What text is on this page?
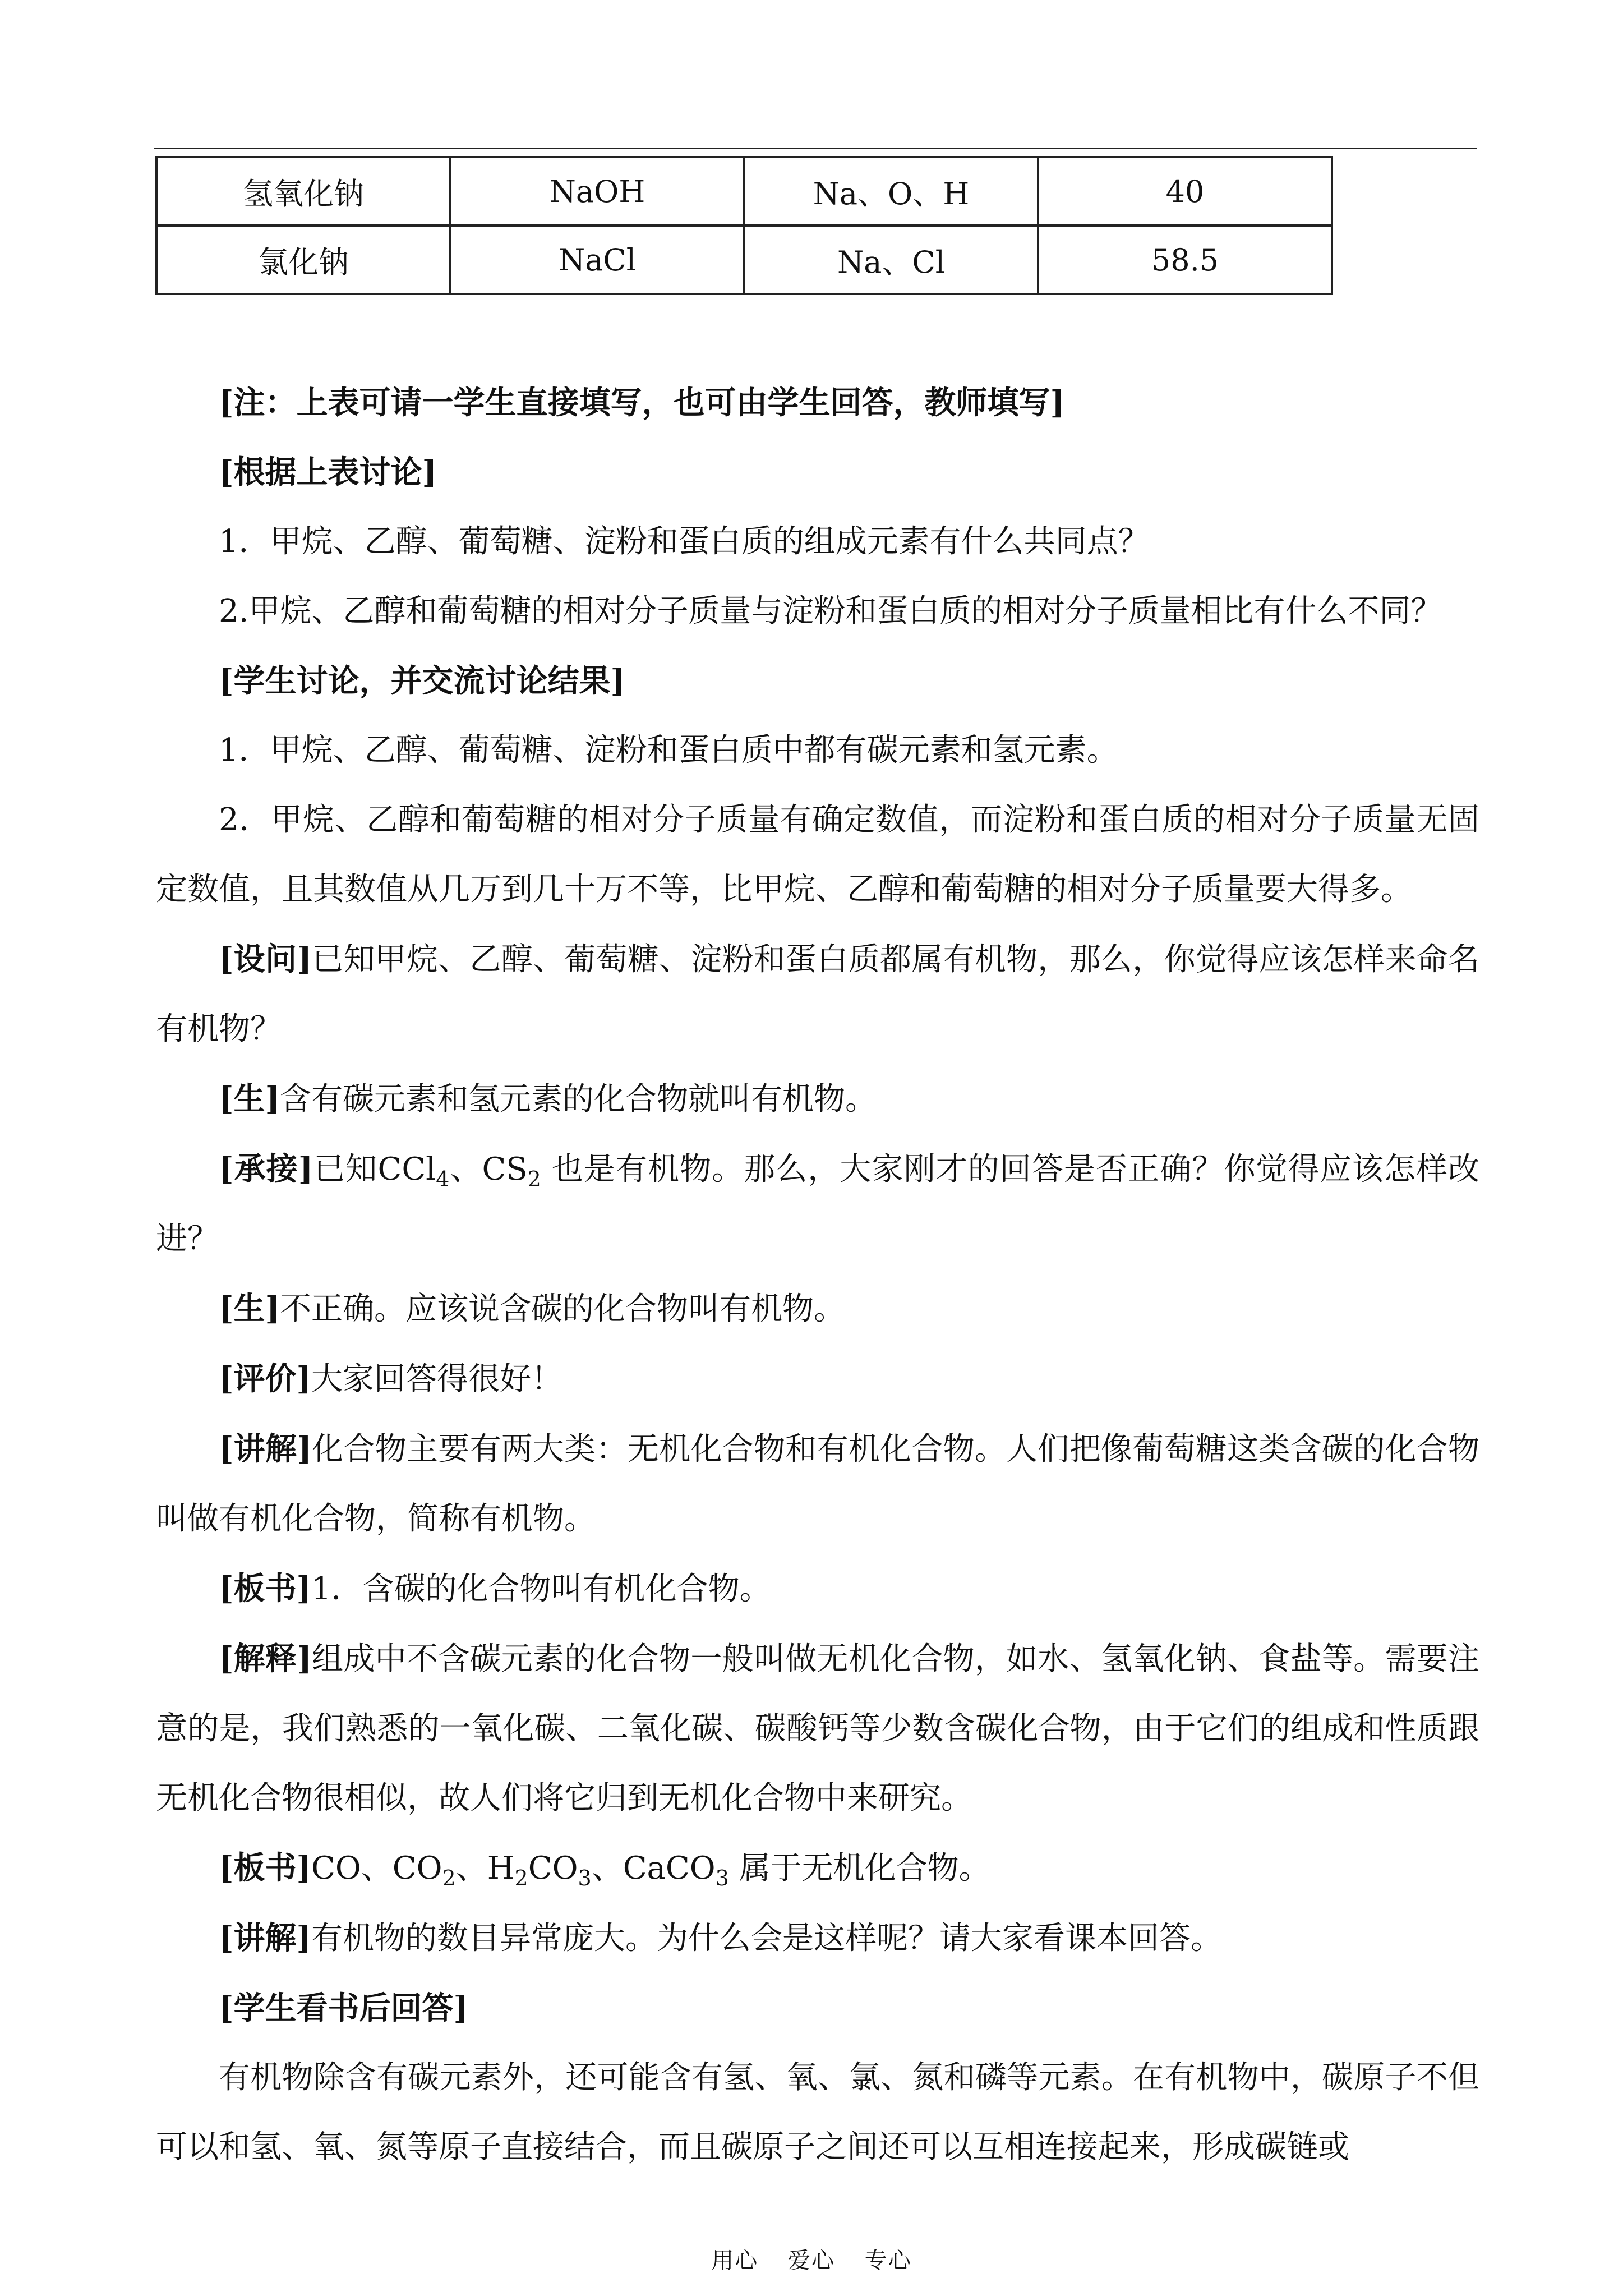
氢氧化钠	NaOH	Na、O、H	40
氯化钠	NaCl	Na、Cl	58.5

[注：上表可请一学生直接填写，也可由学生回答，教师填写]

[根据上表讨论]

1．甲烷、乙醇、葡萄糖、淀粉和蛋白质的组成元素有什么共同点？

2.甲烷、乙醇和葡萄糖的相对分子质量与淀粉和蛋白质的相对分子质量相比有什么不同？

[学生讨论，并交流讨论结果]

1．甲烷、乙醇、葡萄糖、淀粉和蛋白质中都有碳元素和氢元素。

2．甲烷、乙醇和葡萄糖的相对分子质量有确定数值，而淀粉和蛋白质的相对分子质量无固定数值，且其数值从几万到几十万不等，比甲烷、乙醇和葡萄糖的相对分子质量要大得多。

[设问]已知甲烷、乙醇、葡萄糖、淀粉和蛋白质都属有机物，那么，你觉得应该怎样来命名有机物？

[生]含有碳元素和氢元素的化合物就叫有机物。

[承接]已知CCl$_4$、$CS_2$ 也是有机物。那么，大家刚才的回答是否正确？你觉得应该怎样改进？

[生]不正确。应该说含碳的化合物叫有机物。

[评价]大家回答得很好！

[讲解]化合物主要有两大类：无机化合物和有机化合物。人们把像葡萄糖这类含碳的化合物叫做有机化合物，简称有机物。

[板书]1．含碳的化合物叫有机化合物。

[解释]组成中不含碳元素的化合物一般叫做无机化合物，如水、氢氧化钠、食盐等。需要注意的是，我们熟悉的一氧化碳、二氧化碳、碳酸钙等少数含碳化合物，由于它们的组成和性质跟无机化合物很相似，故人们将它归到无机化合物中来研究。

[板书]CO、$CO_2$、$H_2CO_3$、CaCO$_3$ 属于无机化合物。

[讲解]有机物的数目异常庞大。为什么会是这样呢？请大家看课本回答。

[学生看书后回答]

有机物除含有碳元素外，还可能含有氢、氧、氯、氮和磷等元素。在有机物中，碳原子不但可以和氢、氧、氮等原子直接结合，而且碳原子之间还可以互相连接起来，形成碳链或

用心 爱心 专心
